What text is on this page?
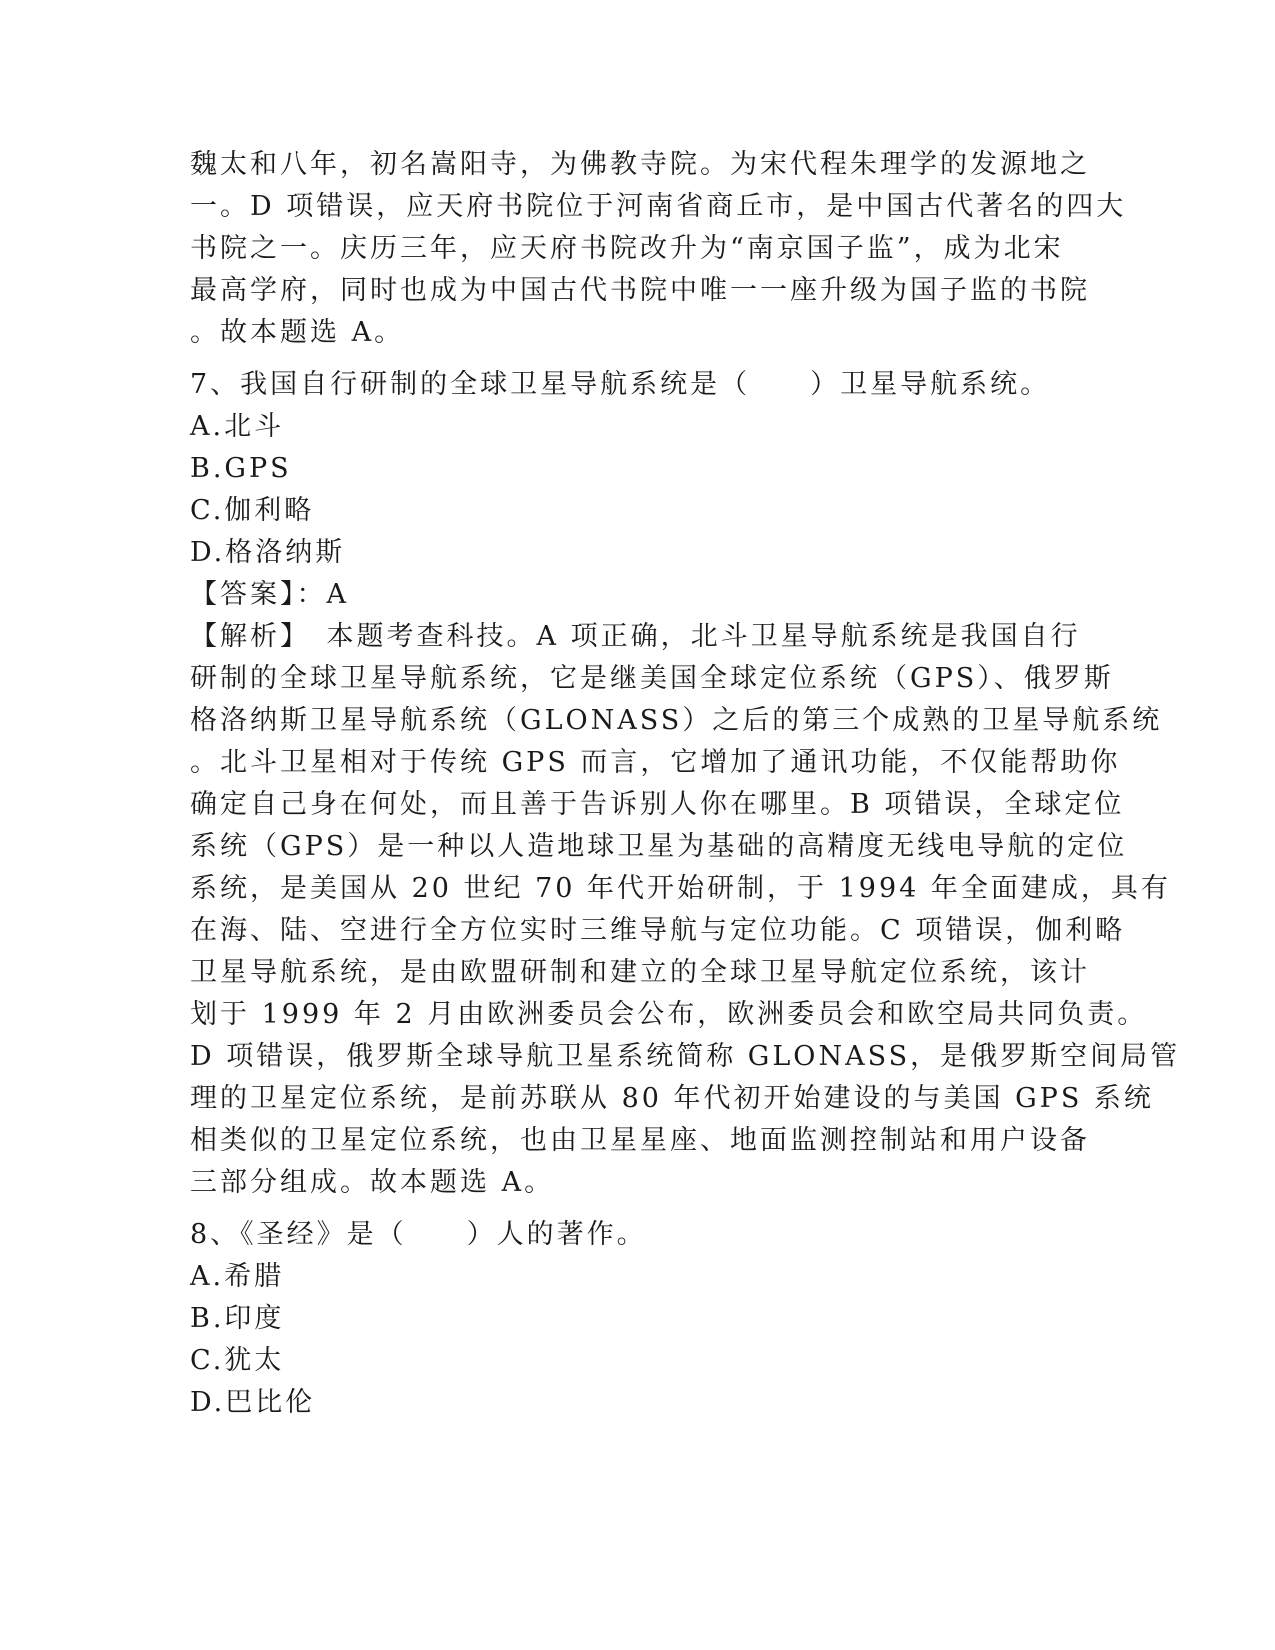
魏太和八年，初名嵩阳寺，为佛教寺院。为宋代程朱理学的发源地之
一。D 项错误，应天府书院位于河南省商丘市，是中国古代著名的四大
书院之一。庆历三年，应天府书院改升为“南京国子监”，成为北宋
最高学府，同时也成为中国古代书院中唯一一座升级为国子监的书院
。故本题选 A。
7、我国自行研制的全球卫星导航系统是（　　）卫星导航系统。
A.北斗
B.GPS
C.伽利略
D.格洛纳斯
【答案】：A
【解析】　本题考查科技。A 项正确，北斗卫星导航系统是我国自行
研制的全球卫星导航系统，它是继美国全球定位系统（GPS）、俄罗斯
格洛纳斯卫星导航系统（GLONASS）之后的第三个成熟的卫星导航系统
。北斗卫星相对于传统 GPS 而言，它增加了通讯功能，不仅能帮助你
确定自己身在何处，而且善于告诉别人你在哪里。B 项错误，全球定位
系统（GPS）是一种以人造地球卫星为基础的高精度无线电导航的定位
系统，是美国从 20 世纪 70 年代开始研制，于 1994 年全面建成，具有
在海、陆、空进行全方位实时三维导航与定位功能。C 项错误，伽利略
卫星导航系统，是由欧盟研制和建立的全球卫星导航定位系统，该计
划于 1999 年 2 月由欧洲委员会公布，欧洲委员会和欧空局共同负责。
D 项错误，俄罗斯全球导航卫星系统简称 GLONASS，是俄罗斯空间局管
理的卫星定位系统，是前苏联从 80 年代初开始建设的与美国 GPS 系统
相类似的卫星定位系统，也由卫星星座、地面监测控制站和用户设备
三部分组成。故本题选 A。
8、《圣经》是（　　）人的著作。
A.希腊
B.印度
C.犹太
D.巴比伦
